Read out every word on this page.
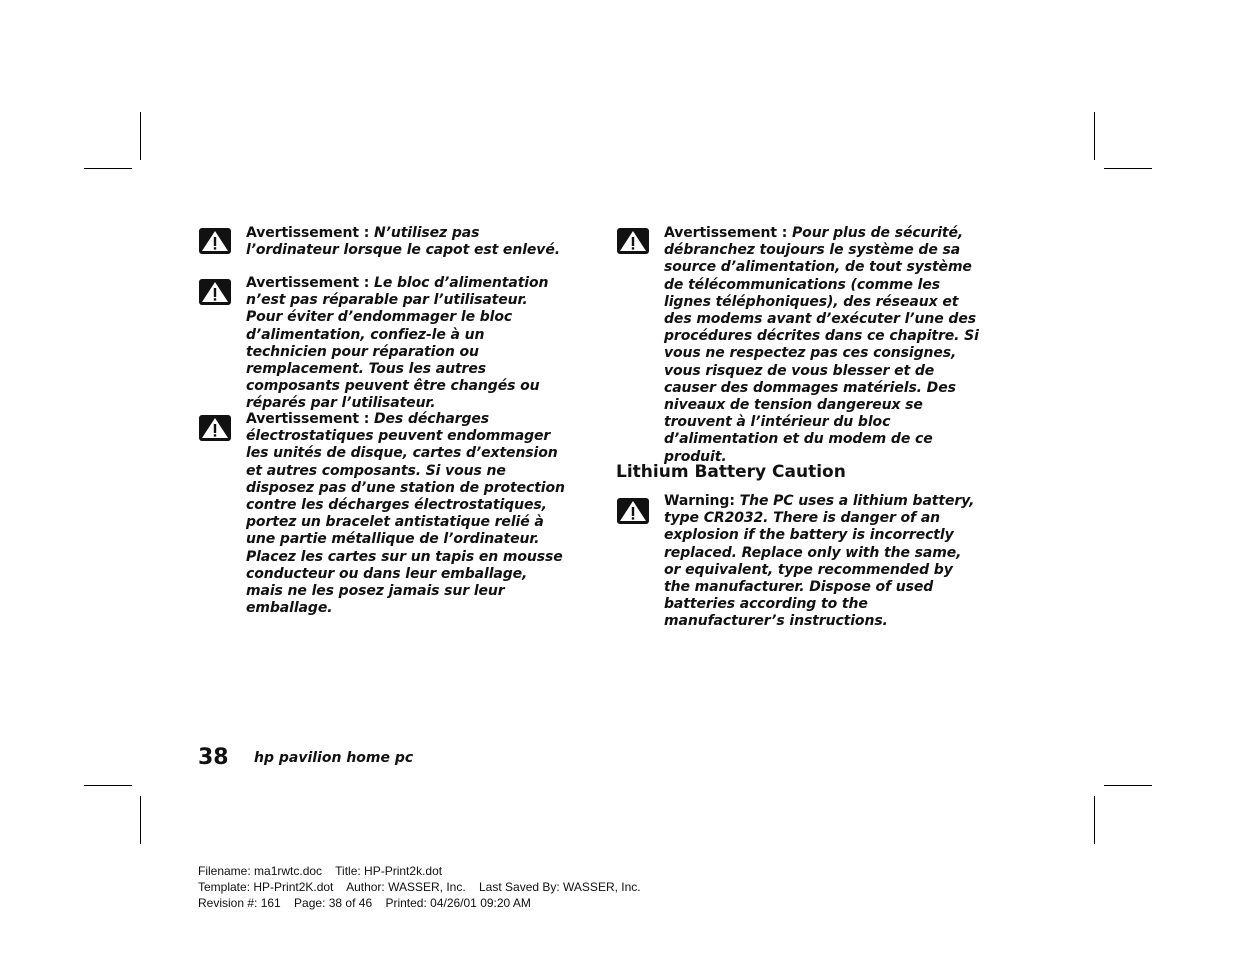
Avertissement : N’utilisez pas l’ordinateur lorsque le capot est enlevé.
Avertissement : Le bloc d’alimentation n’est pas réparable par l’utilisateur. Pour éviter d’endommager le bloc d’alimentation, confiez-le à un technicien pour réparation ou remplacement. Tous les autres composants peuvent être changés ou réparés par l’utilisateur.
Avertissement : Des décharges électrostatiques peuvent endommager les unités de disque, cartes d’extension et autres composants. Si vous ne disposez pas d’une station de protection contre les décharges électrostatiques, portez un bracelet antistatique relié à une partie métallique de l’ordinateur. Placez les cartes sur un tapis en mousse conducteur ou dans leur emballage, mais ne les posez jamais sur leur emballage.
Avertissement : Pour plus de sécurité, débranchez toujours le système de sa source d’alimentation, de tout système de télécommunications (comme les lignes téléphoniques), des réseaux et des modems avant d’exécuter l’une des procédures décrites dans ce chapitre. Si vous ne respectez pas ces consignes, vous risquez de vous blesser et de causer des dommages matériels. Des niveaux de tension dangereux se trouvent à l’intérieur du bloc d’alimentation et du modem de ce produit.
Lithium Battery Caution
Warning: The PC uses a lithium battery, type CR2032. There is danger of an explosion if the battery is incorrectly replaced. Replace only with the same, or equivalent, type recommended by the manufacturer. Dispose of used batteries according to the manufacturer’s instructions.
38 hp pavilion home pc
Filename: ma1rwtc.doc    Title: HP-Print2k.dot
Template: HP-Print2K.dot    Author: WASSER, Inc.    Last Saved By: WASSER, Inc.
Revision #: 161    Page: 38 of 46    Printed: 04/26/01 09:20 AM
